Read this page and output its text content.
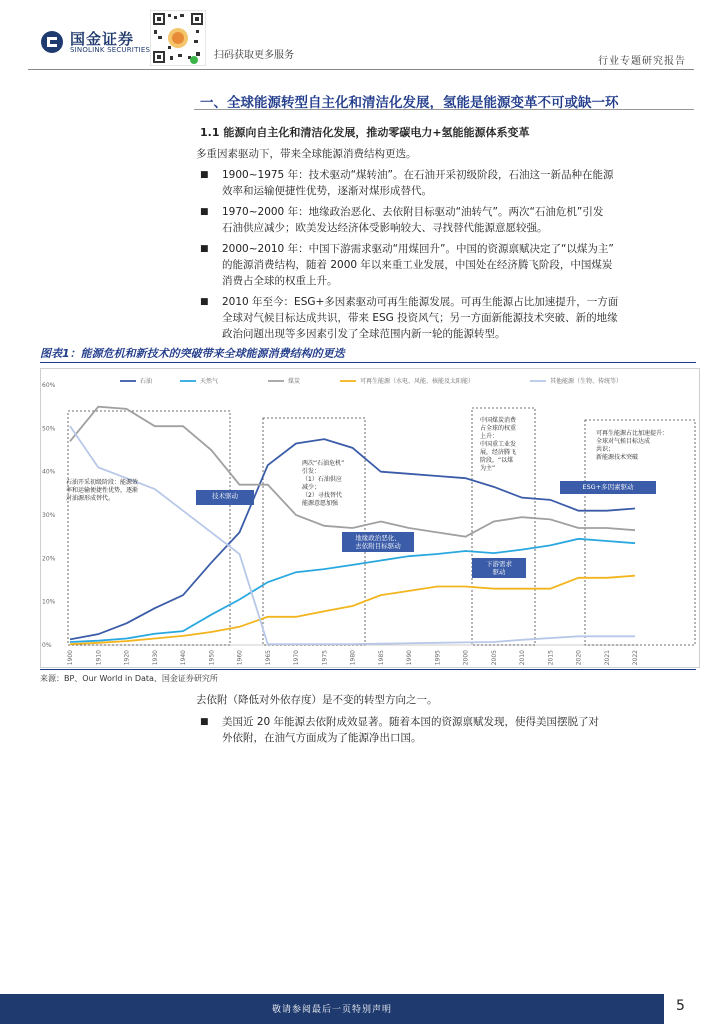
国金证券
SINOLINK SECURITIES	扫码获取更多服务
行业专题研究报告
一、全球能源转型自主化和清洁化发展，氢能是能源变革不可或缺一环
1.1 能源向自主化和清洁化发展，推动零碳电力+氢能能源体系变革
多重因素驱动下，带来全球能源消费结构更迭。
■ 1900~1975 年：技术驱动“煤转油”。在石油开采初级阶段，石油这一新品种在能源
效率和运输便捷性优势，逐渐对煤形成替代。
■ 1970~2000 年：地缘政治恶化、去依附目标驱动“油转气”。两次“石油危机”引发
石油供应减少；欧美发达经济体受影响较大、寻找替代能源意愿较强。
■ 2000~2010 年：中国下游需求驱动“用煤回升”。中国的资源禀赋决定了“以煤为主”
的能源消费结构，随着 2000 年以来重工业发展，中国处在经济腾飞阶段，中国煤炭
消费占全球的权重上升。
■ 2010 年至今：ESG+多因素驱动可再生能源发展。可再生能源占比加速提升，一方面
全球对气候目标达成共识，带来 ESG 投资风气；另一方面新能源技术突破、新的地缘
政治问题出现等多因素引发了全球范围内新一轮的能源转型。
图表1：能源危机和新技术的突破带来全球能源消费结构的更迭
0%
10%
20%
30%
40%
50%
60%
1900	1910	1920	1930	1940	1950	1960	1965	1970	1975	1980	1985	1990	1995	2000	2005	2010	2015	2020	2021	2022
石油	天然气	煤炭	可再生能源（水电、风能、核能及太阳能）	其他能源（生物、传统等）
石油开采初级阶段：能源效
率和运输便捷性优势，逐渐
对油源形成替代。	技术驱动
两次“石油危机”
引发：
（1）石油供应
减少；
（2）寻找替代
能源意愿加强
地缘政治恶化、
去依附目标驱动
中国煤炭消费
占全球的权重
上升：
中国重工业发
展，经济腾飞
阶段，“以煤
为主”
下游需求
驱动
可再生能源占比加速提升：
全球对气候目标达成
共识；
新能源技术突破
ESG+多因素驱动
来源：BP、Our World in Data、国金证券研究所
去依附（降低对外依存度）是不变的转型方向之一。
■ 美国近 20 年能源去依附成效显著。随着本国的资源禀赋发现，使得美国摆脱了对
外依附，在油气方面成为了能源净出口国。
敬请参阅最后一页特别声明	5
